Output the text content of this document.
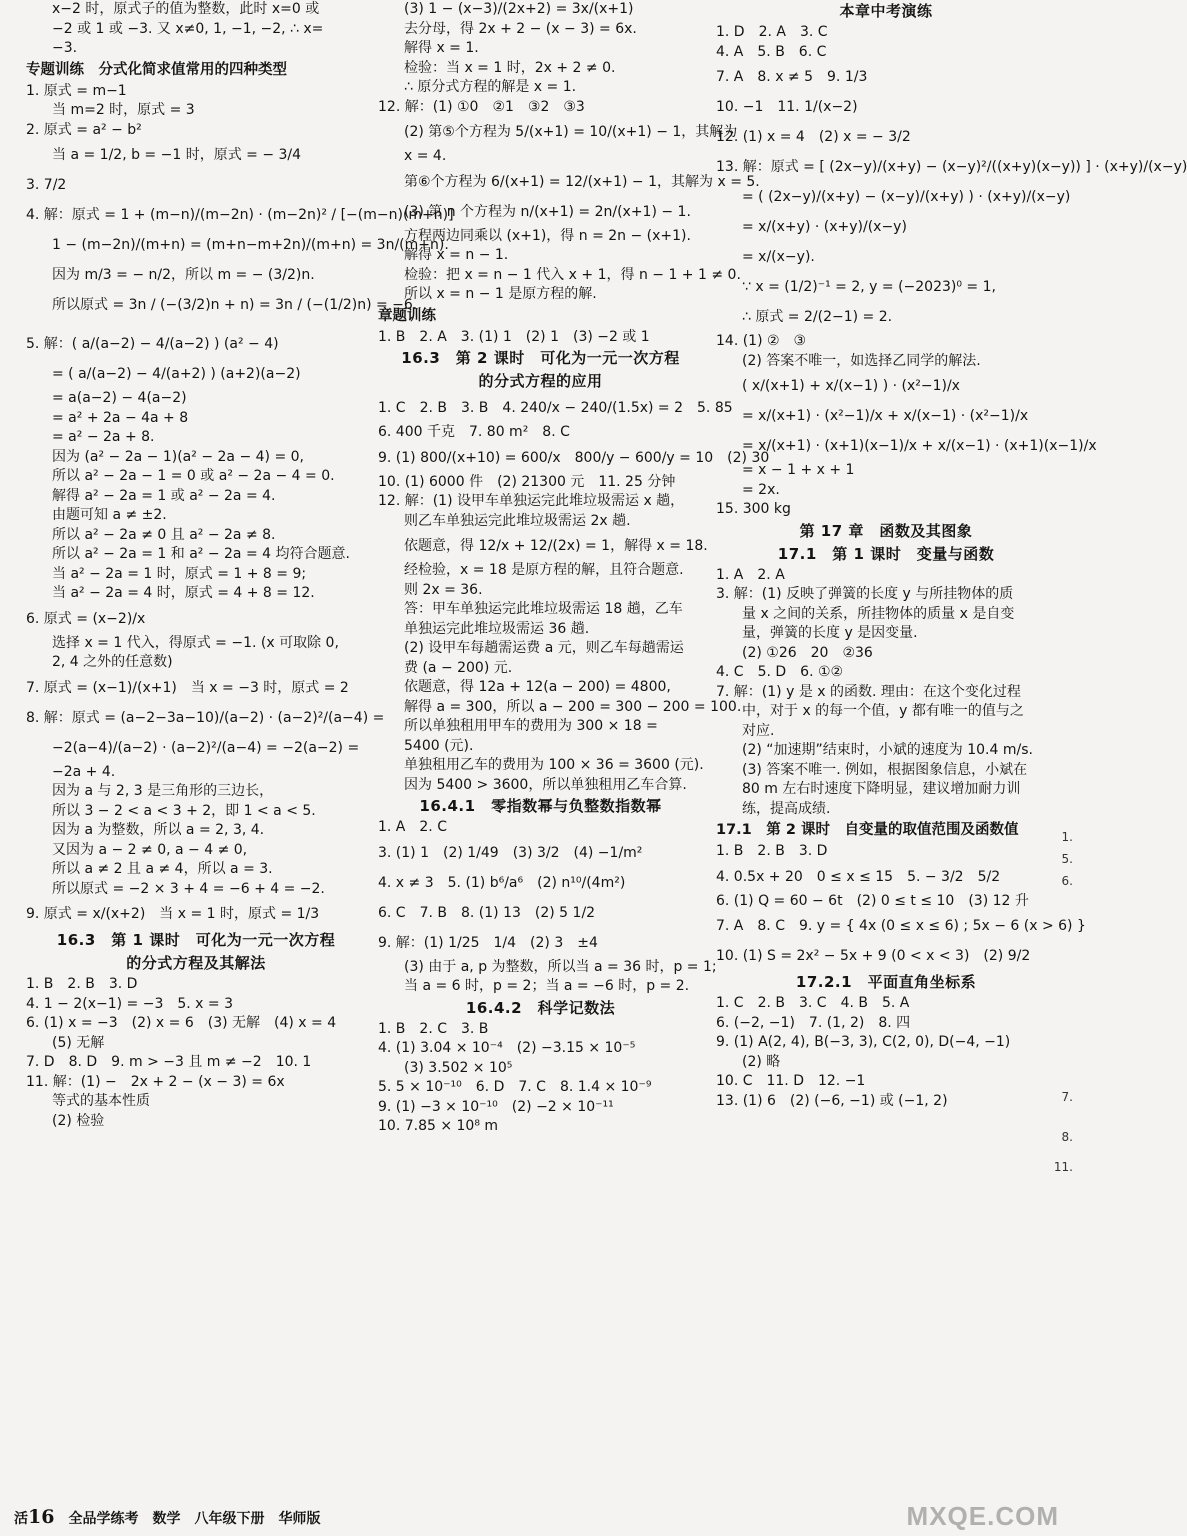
x−2 时，原式子的值为整数，此时 x=0 或

−2 或 1 或 −3. 又 x≠0, 1, −1, −2, ∴ x=

−3.

专题训练　分式化简求值常用的四种类型

1. 原式 = m−1

当 m=2 时，原式 = 3

2. 原式 = a² − b²

当 a = 1/2, b = −1 时，原式 = − 3/4

3. 7/2

4. 解：原式 = 1 + (m−n)/(m−2n) · (m−2n)² / [−(m−n)(m+n)]

1 − (m−2n)/(m+n) = (m+n−m+2n)/(m+n) = 3n/(m+n).

因为 m/3 = − n/2，所以 m = − (3/2)n.

所以原式 = 3n / (−(3/2)n + n) = 3n / (−(1/2)n) = −6.

5. 解：( a/(a−2) − 4/(a−2) ) (a² − 4)

= ( a/(a−2) − 4/(a+2) ) (a+2)(a−2)

= a(a−2) − 4(a−2)

= a² + 2a − 4a + 8

= a² − 2a + 8.

因为 (a² − 2a − 1)(a² − 2a − 4) = 0,

所以 a² − 2a − 1 = 0 或 a² − 2a − 4 = 0.

解得 a² − 2a = 1 或 a² − 2a = 4.

由题可知 a ≠ ±2.

所以 a² − 2a ≠ 0 且 a² − 2a ≠ 8.

所以 a² − 2a = 1 和 a² − 2a = 4 均符合题意.

当 a² − 2a = 1 时，原式 = 1 + 8 = 9;

当 a² − 2a = 4 时，原式 = 4 + 8 = 12.

6. 原式 = (x−2)/x

选择 x = 1 代入，得原式 = −1. (x 可取除 0,

2, 4 之外的任意数)

7. 原式 = (x−1)/(x+1)　当 x = −3 时，原式 = 2

8. 解：原式 = (a−2−3a−10)/(a−2) · (a−2)²/(a−4) =

−2(a−4)/(a−2) · (a−2)²/(a−4) = −2(a−2) =

−2a + 4.

因为 a 与 2, 3 是三角形的三边长，

所以 3 − 2 < a < 3 + 2，即 1 < a < 5.

因为 a 为整数，所以 a = 2, 3, 4.

又因为 a − 2 ≠ 0, a − 4 ≠ 0,

所以 a ≠ 2 且 a ≠ 4，所以 a = 3.

所以原式 = −2 × 3 + 4 = −6 + 4 = −2.

9. 原式 = x/(x+2)　当 x = 1 时，原式 = 1/3

16.3　第 1 课时　可化为一元一次方程

的分式方程及其解法

1. B　2. B　3. D

4. 1 − 2(x−1) = −3　5. x = 3

6. (1) x = −3　(2) x = 6　(3) 无解　(4) x = 4

(5) 无解

7. D　8. D　9. m > −3 且 m ≠ −2　10. 1

11. 解：(1) −　2x + 2 − (x − 3) = 6x

等式的基本性质

(2) 检验

(3) 1 − (x−3)/(2x+2) = 3x/(x+1)

去分母，得 2x + 2 − (x − 3) = 6x.

解得 x = 1.

检验：当 x = 1 时，2x + 2 ≠ 0.

∴ 原分式方程的解是 x = 1.

12. 解：(1) ①0　②1　③2　③3

(2) 第⑤个方程为 5/(x+1) = 10/(x+1) − 1，其解为

x = 4.

第⑥个方程为 6/(x+1) = 12/(x+1) − 1，其解为 x = 5.

(3) 第 n 个方程为 n/(x+1) = 2n/(x+1) − 1.

方程两边同乘以 (x+1)，得 n = 2n − (x+1).

解得 x = n − 1.

检验：把 x = n − 1 代入 x + 1，得 n − 1 + 1 ≠ 0.

所以 x = n − 1 是原方程的解.

章题训练

1. B　2. A　3. (1) 1　(2) 1　(3) −2 或 1

16.3　第 2 课时　可化为一元一次方程

的分式方程的应用

1. C　2. B　3. B　4. 240/x − 240/(1.5x) = 2　5. 85

6. 400 千克　7. 80 m²　8. C

9. (1) 800/(x+10) = 600/x　800/y − 600/y = 10　(2) 30

10. (1) 6000 件　(2) 21300 元　11. 25 分钟

12. 解：(1) 设甲车单独运完此堆垃圾需运 x 趟，

则乙车单独运完此堆垃圾需运 2x 趟.

依题意，得 12/x + 12/(2x) = 1，解得 x = 18.

经检验，x = 18 是原方程的解，且符合题意.

则 2x = 36.

答：甲车单独运完此堆垃圾需运 18 趟，乙车

单独运完此堆垃圾需运 36 趟.

(2) 设甲车每趟需运费 a 元，则乙车每趟需运

费 (a − 200) 元.

依题意，得 12a + 12(a − 200) = 4800,

解得 a = 300，所以 a − 200 = 300 − 200 = 100.

所以单独租用甲车的费用为 300 × 18 =

5400 (元).

单独租用乙车的费用为 100 × 36 = 3600 (元).

因为 5400 > 3600，所以单独租用乙车合算.

16.4.1　零指数幂与负整数指数幂

1. A　2. C

3. (1) 1　(2) 1/49　(3) 3/2　(4) −1/m²

4. x ≠ 3　5. (1) b⁶/a⁶　(2) n¹⁰/(4m²)

6. C　7. B　8. (1) 13　(2) 5 1/2

9. 解：(1) 1/25　1/4　(2) 3　±4

(3) 由于 a, p 为整数，所以当 a = 36 时，p = 1;

当 a = 6 时，p = 2；当 a = −6 时，p = 2.

16.4.2　科学记数法

1. B　2. C　3. B

4. (1) 3.04 × 10⁻⁴　(2) −3.15 × 10⁻⁵

(3) 3.502 × 10⁵

5. 5 × 10⁻¹⁰　6. D　7. C　8. 1.4 × 10⁻⁹

9. (1) −3 × 10⁻¹⁰　(2) −2 × 10⁻¹¹

10. 7.85 × 10⁸ m

本章中考演练

1. D　2. A　3. C

4. A　5. B　6. C

7. A　8. x ≠ 5　9. 1/3

10. −1　11. 1/(x−2)

12. (1) x = 4　(2) x = − 3/2

13. 解：原式 = [ (2x−y)/(x+y) − (x−y)²/((x+y)(x−y)) ] · (x+y)/(x−y)

= ( (2x−y)/(x+y) − (x−y)/(x+y) ) · (x+y)/(x−y)

= x/(x+y) · (x+y)/(x−y)

= x/(x−y).

∵ x = (1/2)⁻¹ = 2, y = (−2023)⁰ = 1,

∴ 原式 = 2/(2−1) = 2.

14. (1) ②　③

(2) 答案不唯一，如选择乙同学的解法.

( x/(x+1) + x/(x−1) ) · (x²−1)/x

= x/(x+1) · (x²−1)/x + x/(x−1) · (x²−1)/x

= x/(x+1) · (x+1)(x−1)/x + x/(x−1) · (x+1)(x−1)/x

= x − 1 + x + 1

= 2x.

15. 300 kg

第 17 章　函数及其图象

17.1　第 1 课时　变量与函数

1. A　2. A

3. 解：(1) 反映了弹簧的长度 y 与所挂物体的质

量 x 之间的关系，所挂物体的质量 x 是自变

量，弹簧的长度 y 是因变量.

(2) ①26　20　②36

4. C　5. D　6. ①②

7. 解：(1) y 是 x 的函数. 理由：在这个变化过程

中，对于 x 的每一个值，y 都有唯一的值与之

对应.

(2) “加速期”结束时，小斌的速度为 10.4 m/s.

(3) 答案不唯一. 例如，根据图象信息，小斌在

80 m 左右时速度下降明显，建议增加耐力训

练，提高成绩.

17.1　第 2 课时　自变量的取值范围及函数值

1. B　2. B　3. D

4. 0.5x + 20　0 ≤ x ≤ 15　5. − 3/2　5/2

6. (1) Q = 60 − 6t　(2) 0 ≤ t ≤ 10　(3) 12 升

7. A　8. C　9. y = { 4x (0 ≤ x ≤ 6) ; 5x − 6 (x > 6) }

10. (1) S = 2x² − 5x + 9 (0 < x < 3)　(2) 9/2

17.2.1　平面直角坐标系

1. C　2. B　3. C　4. B　5. A

6. (−2, −1)　7. (1, 2)　8. 四

9. (1) A(2, 4), B(−3, 3), C(2, 0), D(−4, −1)

(2) 略

10. C　11. D　12. −1

13. (1) 6　(2) (−6, −1) 或 (−1, 2)

1.
5.
6.
7.
8.
11.
活16 全品学练考 数学 八年级下册 华师版	MXQE.COM
